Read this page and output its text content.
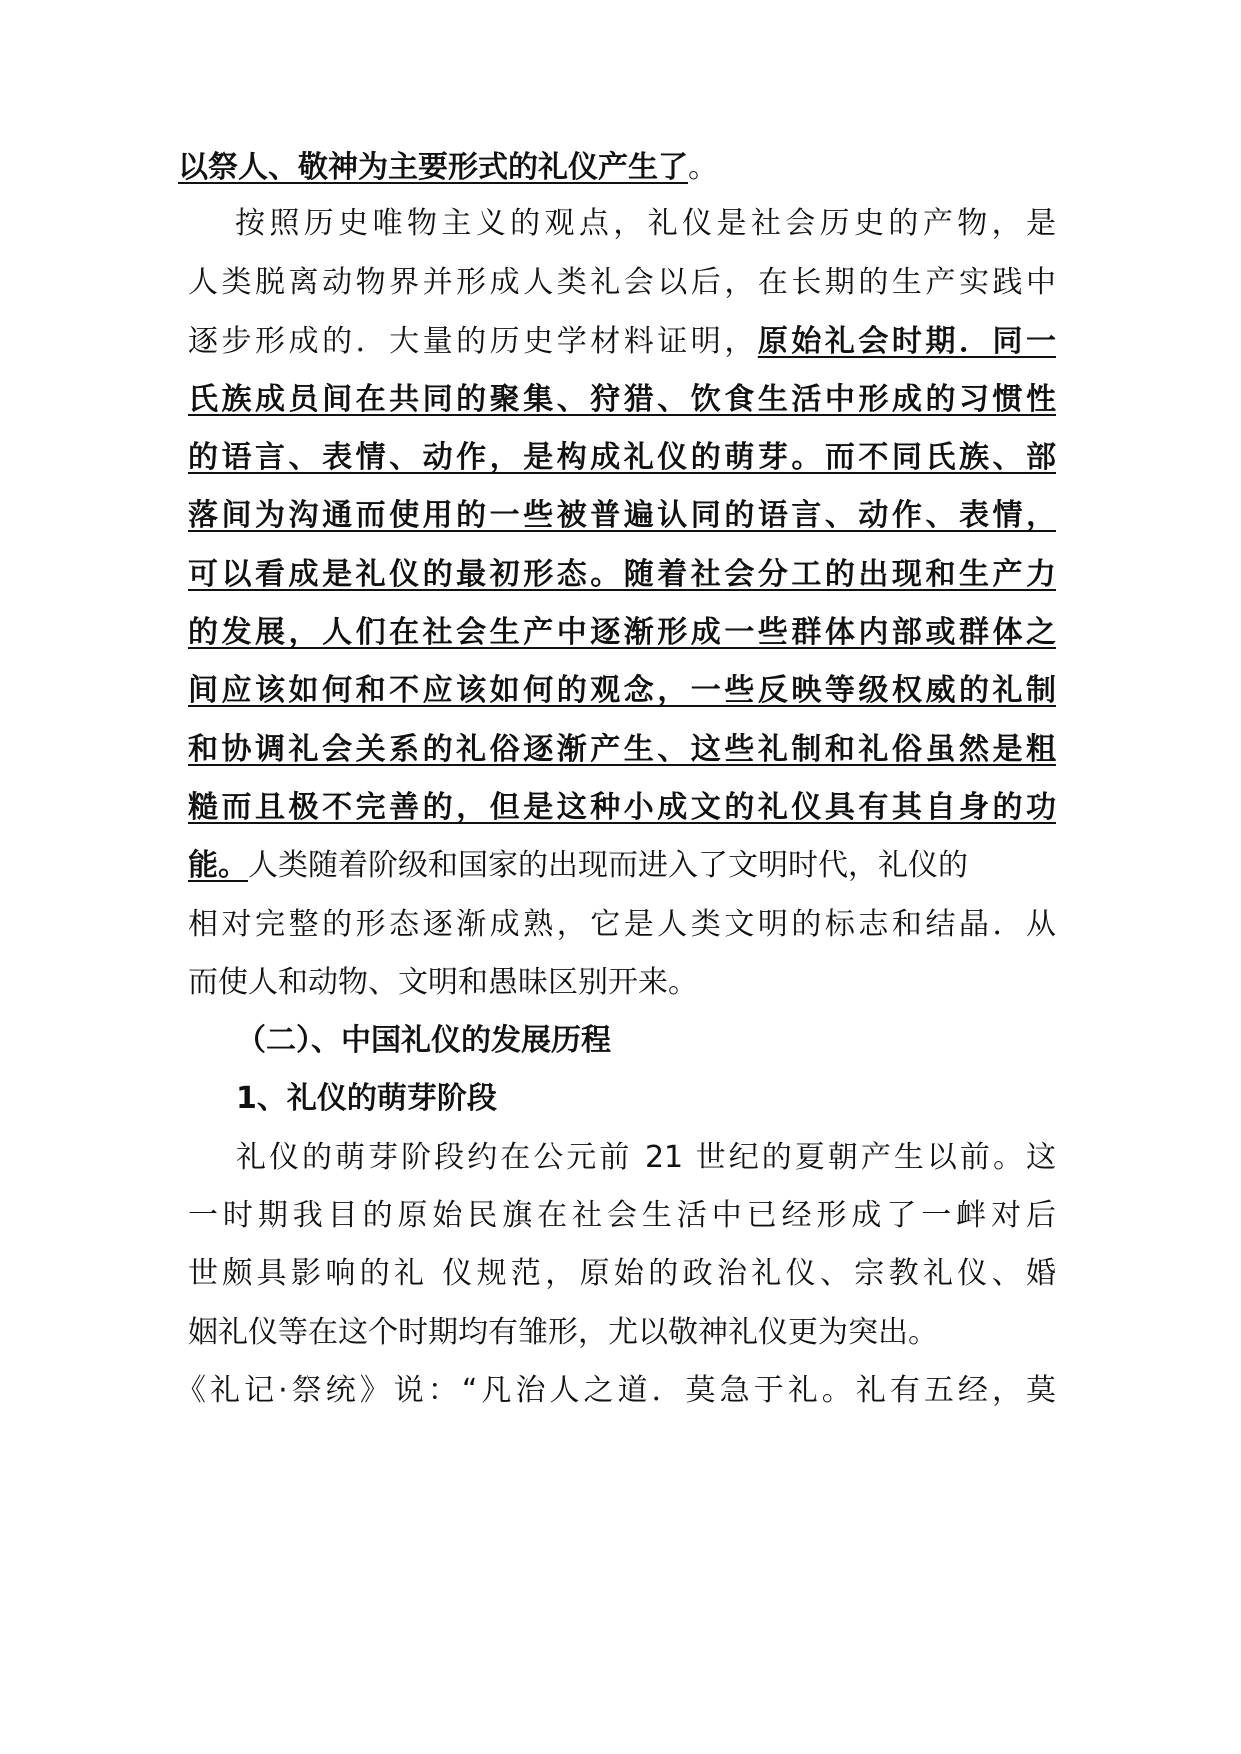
以祭人、敬神为主要形式的礼仪产生了。
按照历史唯物主义的观点，礼仪是社会历史的产物，是
人类脱离动物界并形成人类礼会以后，在长期的生产实践中
逐步形成的．大量的历史学材料证明，原始礼会时期．同一
氏族成员间在共同的聚集、狩猎、饮食生活中形成的习惯性
的语言、表情、动作，是构成礼仪的萌芽。而不同氏族、部
落间为沟通而使用的一些被普遍认同的语言、动作、表情，
可以看成是礼仪的最初形态。随着社会分工的出现和生产力
的发展，人们在社会生产中逐渐形成一些群体内部或群体之
间应该如何和不应该如何的观念，一些反映等级权威的礼制
和协调礼会关系的礼俗逐渐产生、这些礼制和礼俗虽然是粗
糙而且极不完善的，但是这种小成文的礼仪具有其自身的功
能。人类随着阶级和国家的出现而进入了文明时代，礼仪的
相对完整的形态逐渐成熟，它是人类文明的标志和结晶．从
而使人和动物、文明和愚昧区别开来。
（二）、中国礼仪的发展历程
1、礼仪的萌芽阶段
礼仪的萌芽阶段约在公元前 21 世纪的夏朝产生以前。这
一时期我目的原始民旗在社会生活中已经形成了一衅对后
世颇具影响的礼 仪规范，原始的政治礼仪、宗教礼仪、婚
姻礼仪等在这个时期均有雏形，尤以敬神礼仪更为突出。
《礼记·祭统》说：“凡治人之道．莫急于礼。礼有五经，莫
